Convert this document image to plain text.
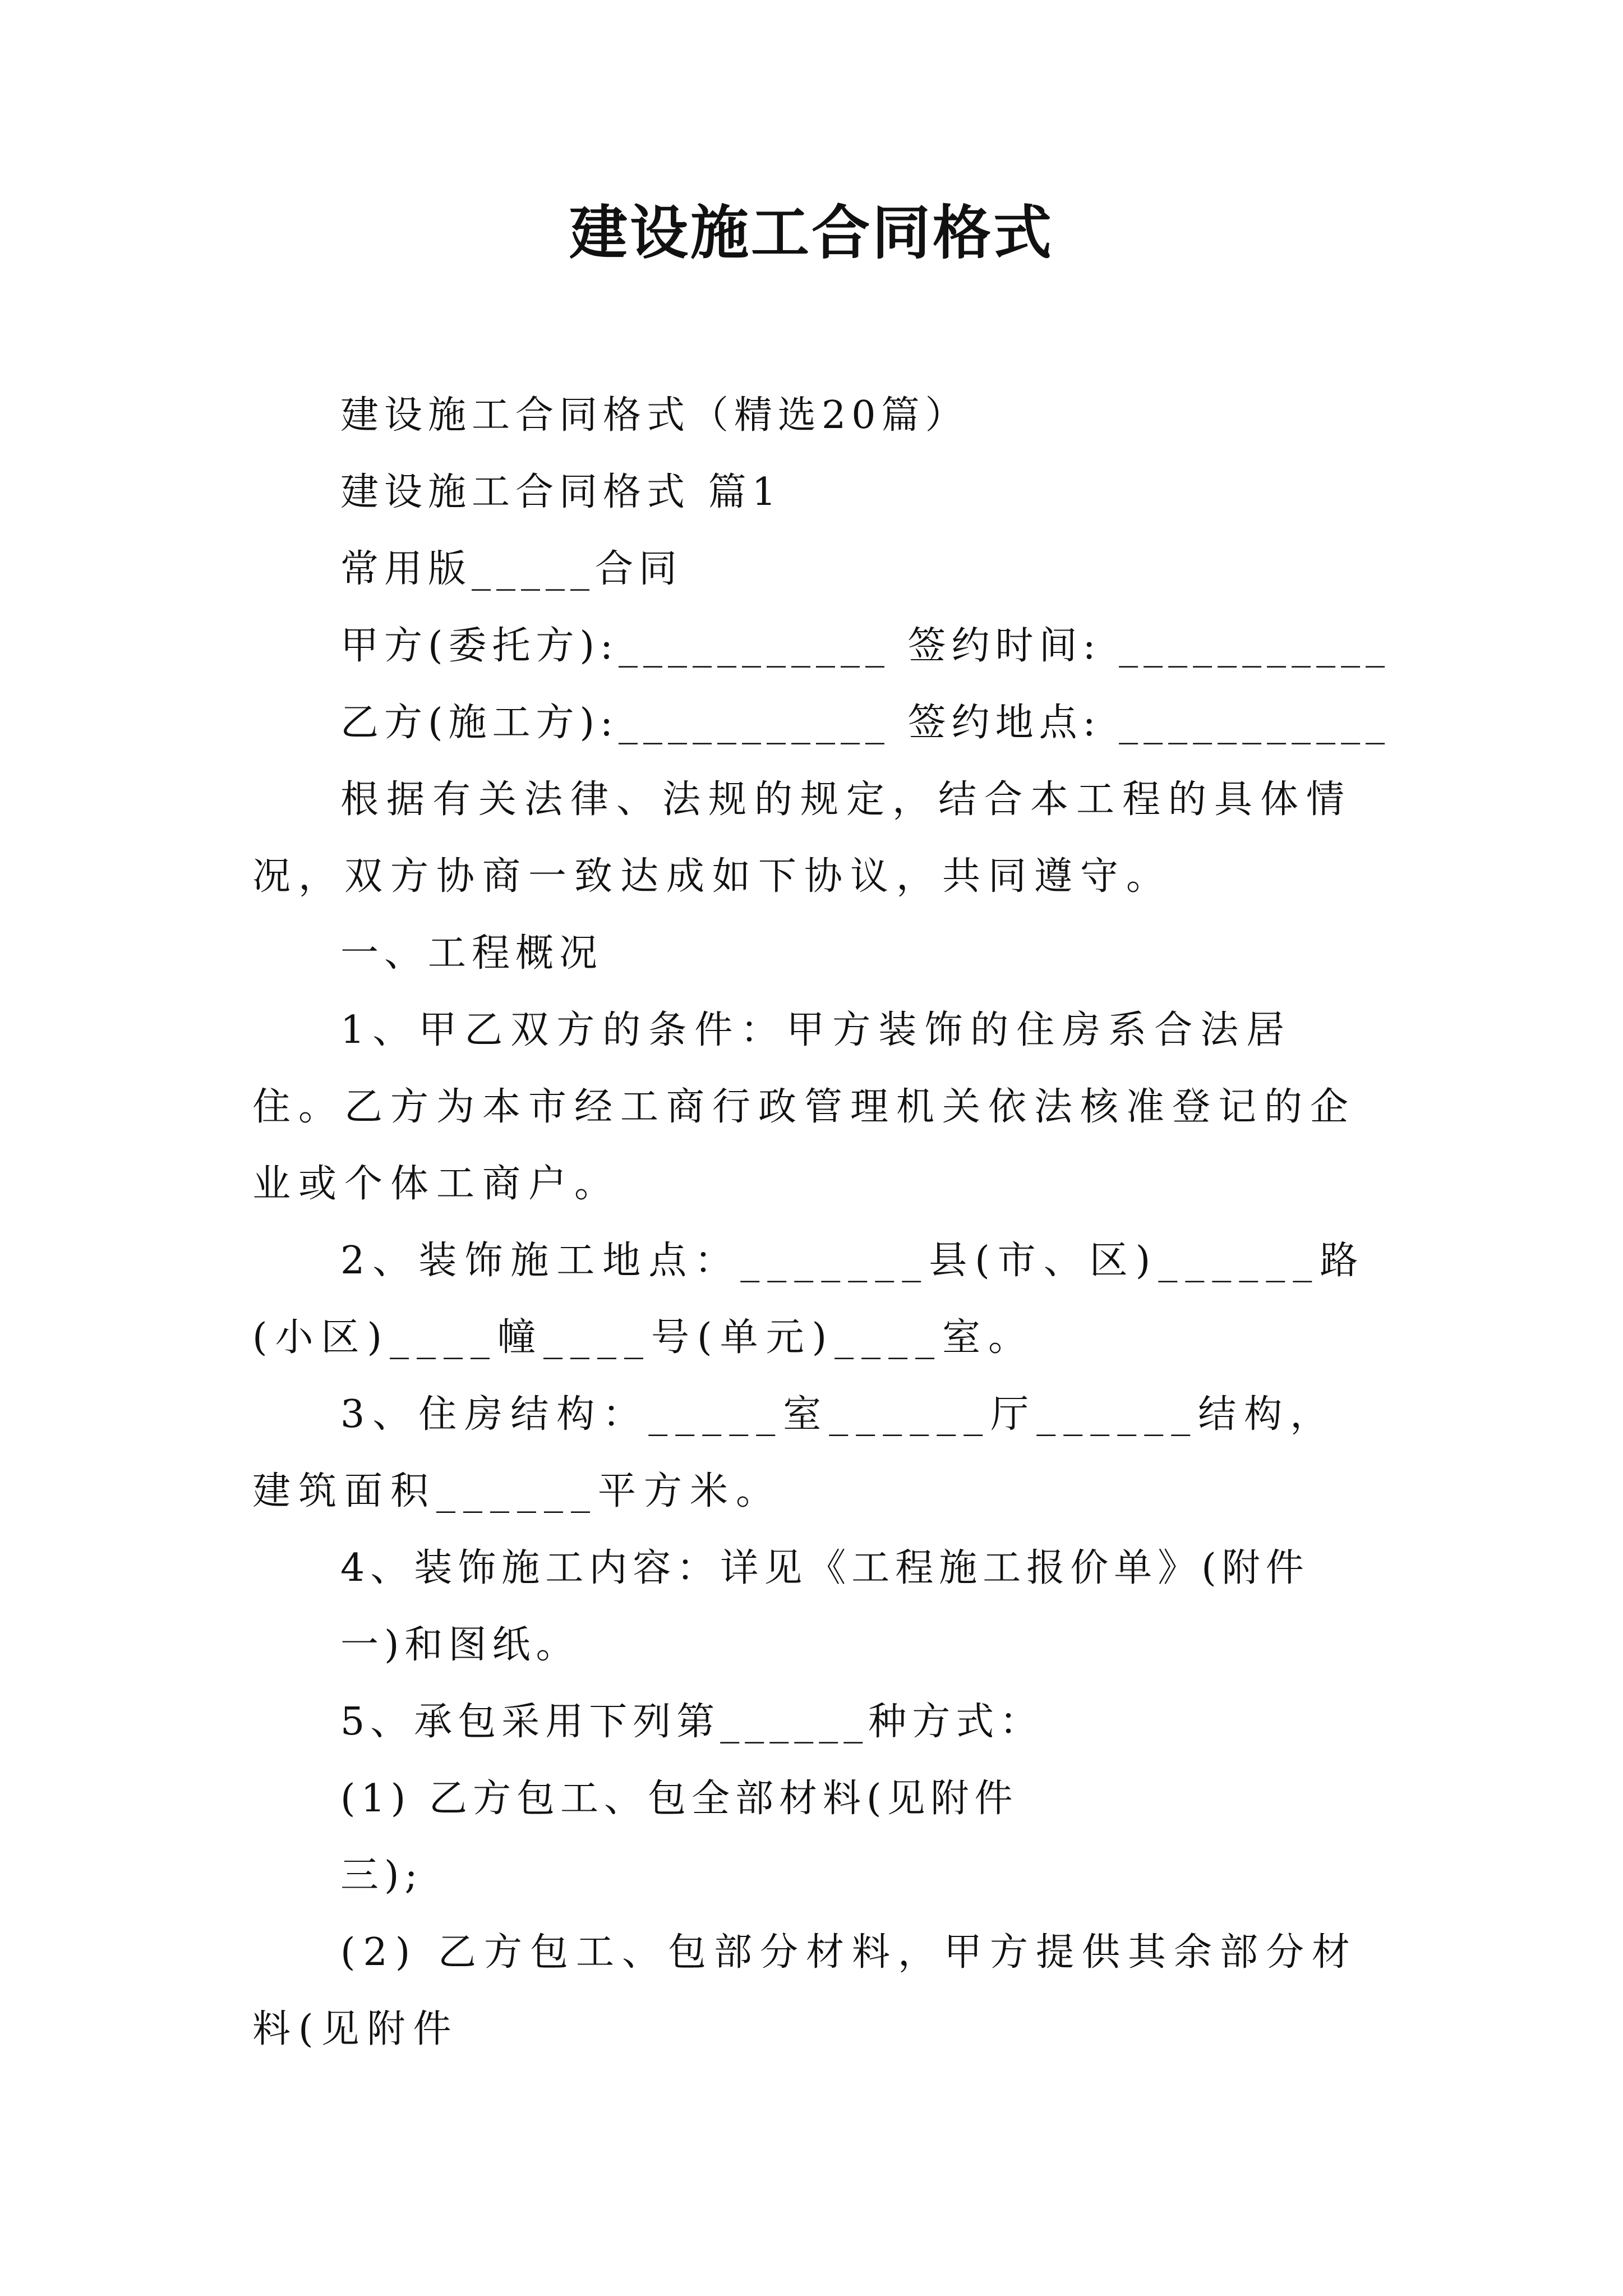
建设施工合同格式

建设施工合同格式（精选20篇）

建设施工合同格式 篇1

常用版_____合同

甲方(委托方):___________ 签约时间: ___________

乙方(施工方):___________ 签约地点: ___________

根据有关法律、法规的规定，结合本工程的具体情况，双方协商一致达成如下协议，共同遵守。

一、工程概况

1、甲乙双方的条件：甲方装饰的住房系合法居住。乙方为本市经工商行政管理机关依法核准登记的企业或个体工商户。

2、装饰施工地点：_______县(市、区)______路(小区)____幢____号(单元)____室。

3、住房结构：_____室______厅______结构，建筑面积______平方米。

4、装饰施工内容：详见《工程施工报价单》(附件

一)和图纸。

5、承包采用下列第______种方式：

(1) 乙方包工、包全部材料(见附件

三);

(2) 乙方包工、包部分材料，甲方提供其余部分材料(见附件
